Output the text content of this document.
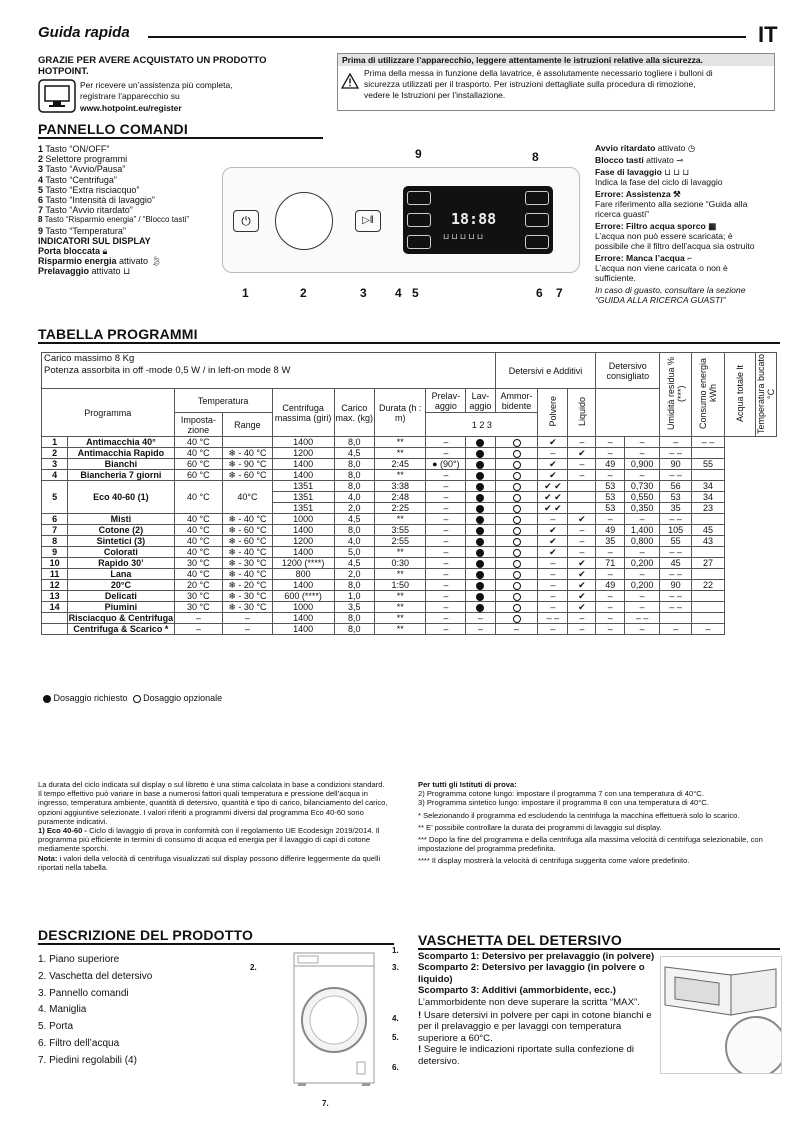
Guida rapida	IT
GRAZIE PER AVERE ACQUISTATO UN PRODOTTO HOTPOINT.
Per ricevere un’assistenza più completa,
registrare l’apparecchio su
www.hotpoint.eu/register
Prima di utilizzare l’apparecchio, leggere attentamente le istruzioni relative alla sicurezza.
Prima della messa in funzione della lavatrice, è assolutamente necessario togliere i bulloni di
sicurezza utilizzati per il trasporto. Per istruzioni dettagliate sulla procedura di rimozione,
vedere le Istruzioni per l’installazione.
PANNELLO COMANDI
1 Tasto “ON/OFF”
2 Selettore programmi
3 Tasto “Avvio/Pausa”
4 Tasto “Centrifuga”
5 Tasto “Extra risciacquo”
6 Tasto “Intensità di lavaggio”
7 Tasto “Avvio ritardato”
8 Tasto “Risparmio energia” / “Blocco tasti”
9 Tasto “Temperatura”
INDICATORI SUL DISPLAY
Porta bloccata 🔒︎
Risparmio energia attivato 🍃︎
Prelavaggio attivato ⊔
⏻	▷‖	18:88
⊔ ⊔ ⊔ ⊔ ⊔
9	8
1	2	3 4 5	6 7
Avvio ritardato attivato ◷
Blocco tasti attivato ⊸
Fase di lavaggio ⊔ ⊔ ⊔
Indica la fase del ciclo di lavaggio
Errore: Assistenza ⚒︎
Fare riferimento alla sezione “Guida alla
ricerca guasti”
Errore: Filtro acqua sporco ▦
L’acqua non può essere scaricata; è
possibile che il filtro dell’acqua sia ostruito
Errore: Manca l’acqua ⌐
L’acqua non viene caricata o non è
sufficiente.
In caso di guasto, consultare la sezione
“GUIDA ALLA RICERCA GUASTI”
TABELLA PROGRAMMI
Carico massimo 8 Kg
Potenza assorbita in off -mode 0,5 W / in left-on mode 8 W									Detersivi e Additivi			Detersivo consigliato		Umidità residua % (***)	Consumo energia kWh	Acqua totale lt	Temperatura bucato °C
Programma		Temperatura		Centrifuga massima (giri)	Carico max. (kg)	Durata (h : m)	Prelav-aggio	Lav-aggio	Ammor-bidente	Polvere	Liquido						
		Imposta-zione	Range				1 2 3										
1	Antimacchia 40°	40 °C		1400	8,0	**	–			✔	–	–	–	–	– –		
2	Antimacchia Rapido	40 °C	❄ - 40 °C	1200	4,5	**	–			–	✔	–	–	– –			
3	Bianchi	60 °C	❄ - 90 °C	1400	8,0	2:45	● (90°)			✔	–	49	0,900	90	55		
4	Biancheria 7 giorni	60 °C	❄ - 60 °C	1400	8,0	**	–			✔	–	–	–	– –			
5	Eco 40-60 (1)	40 °C	40°C	1351	8,0	3:38	–			✔ ✔		53	0,730	56	34		
				1351	4,0	2:48	–			✔ ✔		53	0,550	53	34		
				1351	2,0	2:25	–			✔ ✔		53	0,350	35	23		
6	Misti	40 °C	❄ - 40 °C	1000	4,5	**	–			–	✔	–	–	– –			
7	Cotone (2)	40 °C	❄ - 60 °C	1400	8,0	3:55	–			✔	–	49	1,400	105	45		
8	Sintetici (3)	40 °C	❄ - 60 °C	1200	4,0	2:55	–			✔	–	35	0,800	55	43		
9	Colorati	40 °C	❄ - 40 °C	1400	5,0	**	–			✔	–	–	–	– –			
10	Rapido 30’	30 °C	❄ - 30 °C	1200 (****)	4,5	0:30	–			–	✔	71	0,200	45	27		
11	Lana	40 °C	❄ - 40 °C	800	2,0	**	–			–	✔	–	–	– –			
12	20°C	20 °C	❄ - 20 °C	1400	8,0	1:50	–			–	✔	49	0,200	90	22		
13	Delicati	30 °C	❄ - 30 °C	600 (****)	1,0	**	–			–	✔	–	–	– –			
14	Piumini	30 °C	❄ - 30 °C	1000	3,5	**	–			–	✔	–	–	– –			
	Risciacquo & Centrifuga	–	–	1400	8,0	**	–	–		– –	–	–	– –				
	Centrifuga & Scarico *	–	–	1400	8,0	**	–	–	–	–	–	–	–	–	–		
Dosaggio richiesto Dosaggio opzionale
La durata del ciclo indicata sul display o sul libretto è una stima calcolata in base a condizioni standard. Il tempo effettivo può variare in base a numerosi fattori quali temperatura e pressione dell’acqua in ingresso, temperatura ambiente, quantità di detersivo, quantità e tipo di carico, bilanciamento del carico, opzioni aggiuntive selezionate. I valori riferiti a programmi diversi dal programma Eco 40-60 sono puramente indicativi.
1) Eco 40-60 - Ciclo di lavaggio di prova in conformità con il regolamento UE Ecodesign 2019/2014. Il programma più efficiente in termini di consumo di acqua ed energia per il lavaggio di capi di cotone mediamente sporchi.
Nota: i valori della velocità di centrifuga visualizzati sul display possono differire leggermente da quelli riportati nella tabella.
Per tutti gli Istituti di prova:
2) Programma cotone lungo: impostare il programma 7 con una temperatura di 40°C.
3) Programma sintetico lungo: impostare il programma 8 con una temperatura di 40°C.
* Selezionando il programma ed escludendo la centrifuga la macchina effettuerà solo lo scarico.
** E’ possibile controllare la durata dei programmi di lavaggio sul display.
*** Dopo la fine del programma e della centrifuga alla massima velocità di centrifuga selezionabile, con impostazione del programma predefinita.
**** Il display mostrerà la velocità di centrifuga suggerita come valore predefinito.
DESCRIZIONE DEL PRODOTTO
1. Piano superiore
2. Vaschetta del detersivo
3. Pannello comandi
4. Maniglia
5. Porta
6. Filtro dell’acqua
7. Piedini regolabili (4)
1.
2.	3.
4.
5.
6.
7.
VASCHETTA DEL DETERSIVO
Scomparto 1: Detersivo per prelavaggio (in polvere)
Scomparto 2: Detersivo per lavaggio (in polvere o liquido)
Scomparto 3: Additivi (ammorbidente, ecc.)
L’ammorbidente non deve superare la scritta “MAX”.
! Usare detersivi in polvere per capi in cotone bianchi e per il prelavaggio e per lavaggi con temperatura superiore a 60°C.
! Seguire le indicazioni riportate sulla confezione di detersivo.
